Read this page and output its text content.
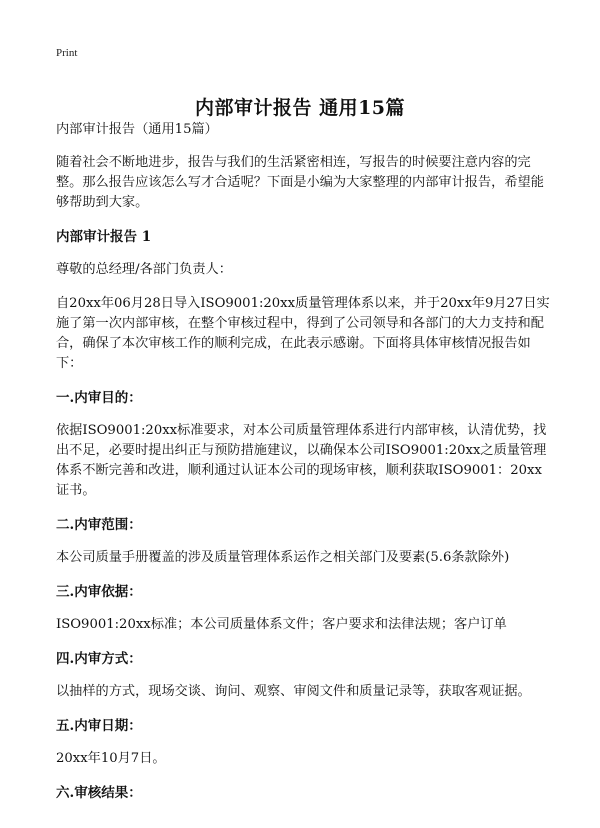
Print
内部审计报告 通用15篇

内部审计报告（通用15篇）

随着社会不断地进步，报告与我们的生活紧密相连，写报告的时候要注意内容的完整。那么报告应该怎么写才合适呢？下面是小编为大家整理的内部审计报告，希望能够帮助到大家。

内部审计报告 1

尊敬的总经理/各部门负责人：

自20xx年06月28日导入ISO9001:20xx质量管理体系以来，并于20xx年9月27日实施了第一次内部审核，在整个审核过程中，得到了公司领导和各部门的大力支持和配合，确保了本次审核工作的顺利完成，在此表示感谢。下面将具体审核情况报告如下：

一.内审目的：

依据ISO9001:20xx标准要求，对本公司质量管理体系进行内部审核，认清优势，找出不足，必要时提出纠正与预防措施建议，以确保本公司ISO9001:20xx之质量管理体系不断完善和改进，顺利通过认证本公司的现场审核，顺利获取ISO9001：20xx证书。

二.内审范围：

本公司质量手册覆盖的涉及质量管理体系运作之相关部门及要素(5.6条款除外)

三.内审依据：

ISO9001:20xx标准；本公司质量体系文件；客户要求和法律法规；客户订单

四.内审方式：

以抽样的方式，现场交谈、询问、观察、审阅文件和质量记录等，获取客观证据。

五.内审日期：

20xx年10月7日。

六.审核结果：
